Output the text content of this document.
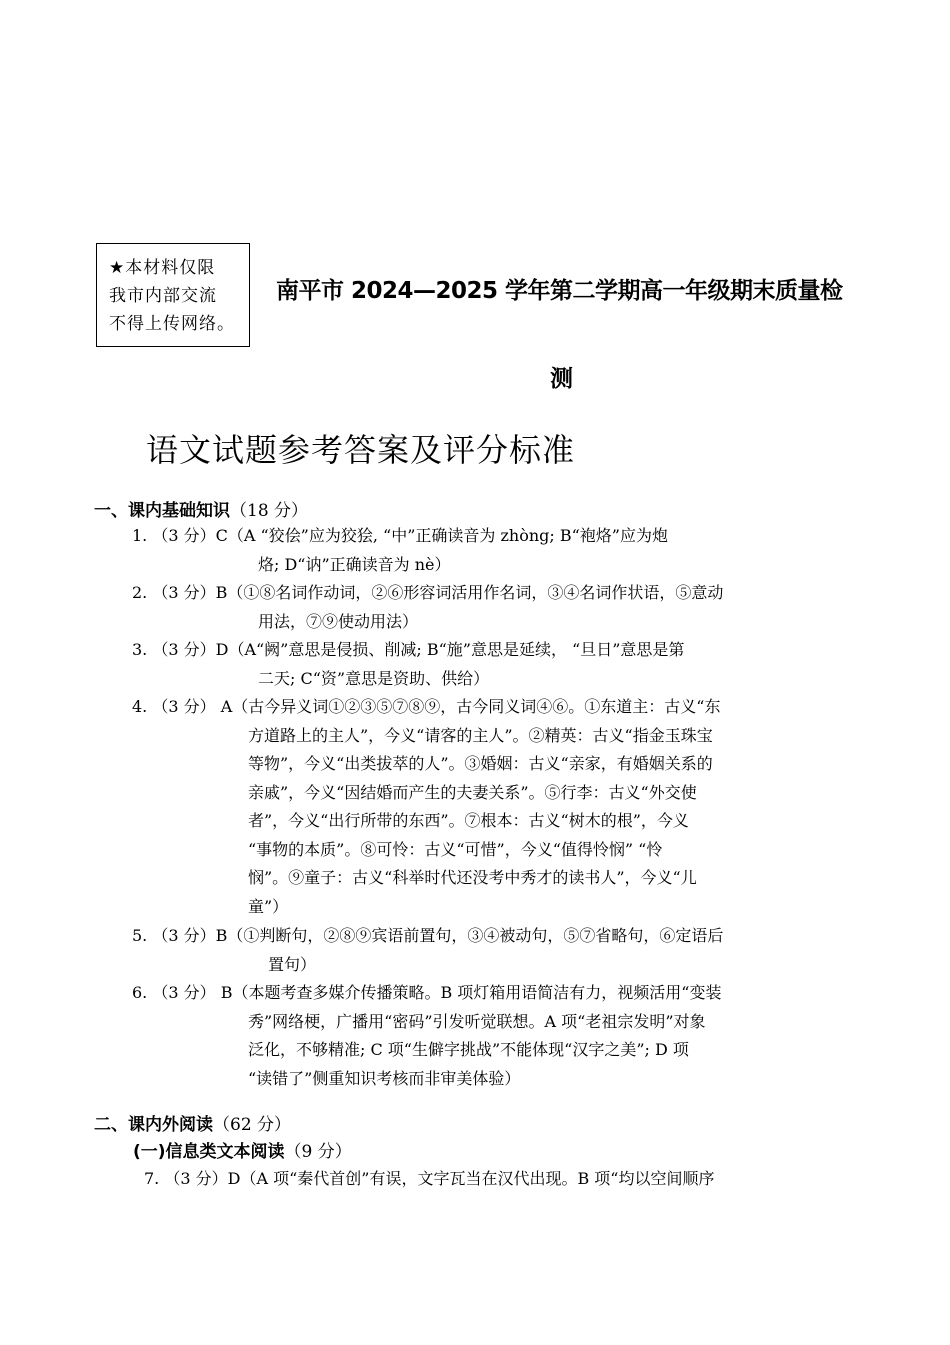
★本材料仅限
我市内部交流
不得上传网络。
南平市 2024—2025 学年第二学期高一年级期末质量检
测
语文试题参考答案及评分标准
一、课内基础知识（18 分）
1. （3 分）C（A “狡侩”应为狡狯, “中”正确读音为 zhòng; B“袍烙”应为炮
烙; D“讷”正确读音为 nè）
2. （3 分）B（①⑧名词作动词，②⑥形容词活用作名词，③④名词作状语，⑤意动
用法，⑦⑨使动用法）
3. （3 分）D（A“阙”意思是侵损、削减; B“施”意思是延续， “旦日”意思是第
二天; C“资”意思是资助、供给）
4. （3 分） A（古今异义词①②③⑤⑦⑧⑨，古今同义词④⑥。①东道主：古义“东
方道路上的主人”，今义“请客的主人”。②精英：古义“指金玉珠宝
等物”，今义“出类拔萃的人”。③婚姻：古义“亲家，有婚姻关系的
亲戚”，今义“因结婚而产生的夫妻关系”。⑤行李：古义“外交使
者”，今义“出行所带的东西”。⑦根本：古义“树木的根”，今义
“事物的本质”。⑧可怜：古义“可惜”，今义“值得怜悯” “怜
悯”。⑨童子：古义“科举时代还没考中秀才的读书人”，今义“儿
童”）
5. （3 分）B（①判断句，②⑧⑨宾语前置句，③④被动句，⑤⑦省略句，⑥定语后
置句）
6. （3 分） B（本题考查多媒介传播策略。B 项灯箱用语简洁有力，视频活用“变装
秀”网络梗，广播用“密码”引发听觉联想。A 项“老祖宗发明”对象
泛化，不够精准; C 项“生僻字挑战”不能体现“汉字之美”; D 项
“读错了”侧重知识考核而非审美体验）
二、课内外阅读（62 分）
(一)信息类文本阅读（9 分）
7. （3 分）D（A 项“秦代首创”有误，文字瓦当在汉代出现。B 项“均以空间顺序
